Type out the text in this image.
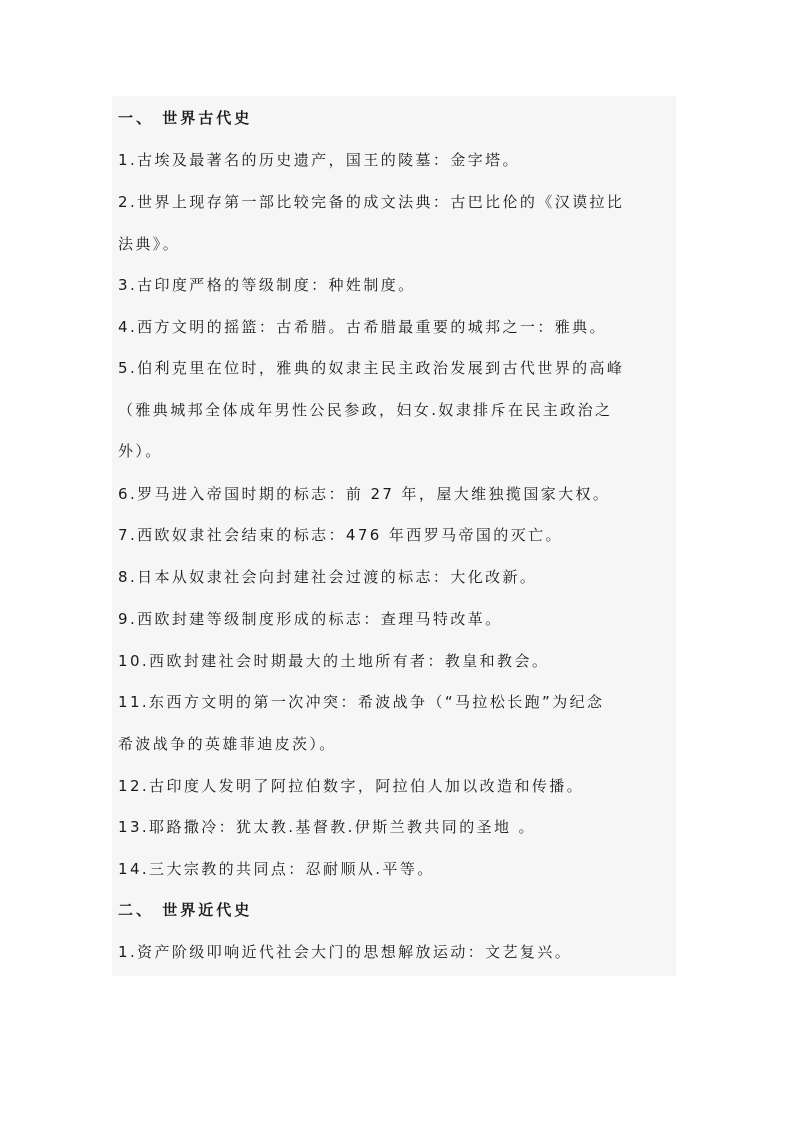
一、 世界古代史
1.古埃及最著名的历史遗产，国王的陵墓：金字塔。
2.世界上现存第一部比较完备的成文法典：古巴比伦的《汉谟拉比
法典》。
3.古印度严格的等级制度：种姓制度。
4.西方文明的摇篮：古希腊。古希腊最重要的城邦之一：雅典。
5.伯利克里在位时，雅典的奴隶主民主政治发展到古代世界的高峰
（雅典城邦全体成年男性公民参政，妇女.奴隶排斥在民主政治之
外）。
6.罗马进入帝国时期的标志：前 27 年，屋大维独揽国家大权。
7.西欧奴隶社会结束的标志：476 年西罗马帝国的灭亡。
8.日本从奴隶社会向封建社会过渡的标志：大化改新。
9.西欧封建等级制度形成的标志：查理马特改革。
10.西欧封建社会时期最大的土地所有者：教皇和教会。
11.东西方文明的第一次冲突：希波战争（“马拉松长跑”为纪念
希波战争的英雄菲迪皮茨）。
12.古印度人发明了阿拉伯数字，阿拉伯人加以改造和传播。
13.耶路撒冷：犹太教.基督教.伊斯兰教共同的圣地 。
14.三大宗教的共同点：忍耐顺从.平等。
二、 世界近代史
1.资产阶级叩响近代社会大门的思想解放运动：文艺复兴。
